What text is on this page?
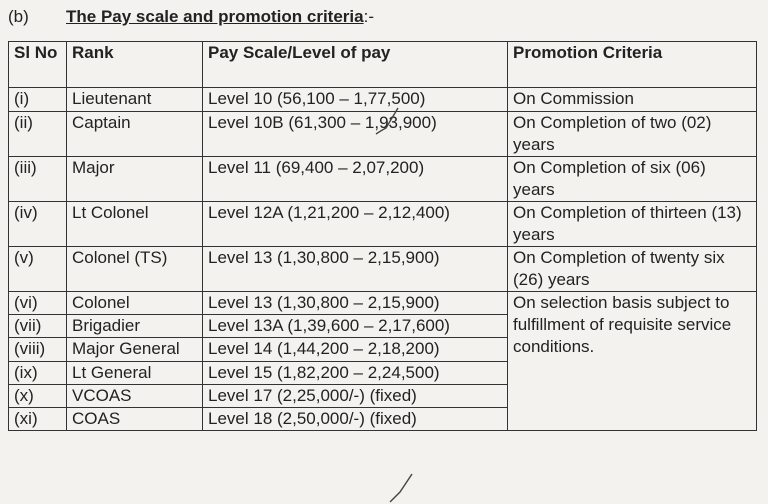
(b)	The Pay scale and promotion criteria :-
Sl No	Rank	Pay Scale/Level of pay	Promotion Criteria
(i)	Lieutenant	Level 10 (56,100 – 1,77,500)	On Commission
(ii)	Captain	Level 10B (61,300 – 1,93,900)	On Completion of two (02) years
(iii)	Major	Level 11 (69,400 – 2,07,200)	On Completion of six (06) years
(iv)	Lt Colonel	Level 12A (1,21,200 – 2,12,400)	On Completion of thirteen (13) years
(v)	Colonel (TS)	Level 13 (1,30,800 – 2,15,900)	On Completion of twenty six (26) years
(vi)	Colonel	Level 13 (1,30,800 – 2,15,900)	On selection basis subject to fulfillment of requisite service conditions.
(vii)	Brigadier	Level 13A (1,39,600 – 2,17,600)	
(viii)	Major General	Level 14 (1,44,200 – 2,18,200)	
(ix)	Lt General	Level 15 (1,82,200 – 2,24,500)	
(x)	VCOAS	Level 17 (2,25,000/-) (fixed)	
(xi)	COAS	Level 18 (2,50,000/-) (fixed)	
